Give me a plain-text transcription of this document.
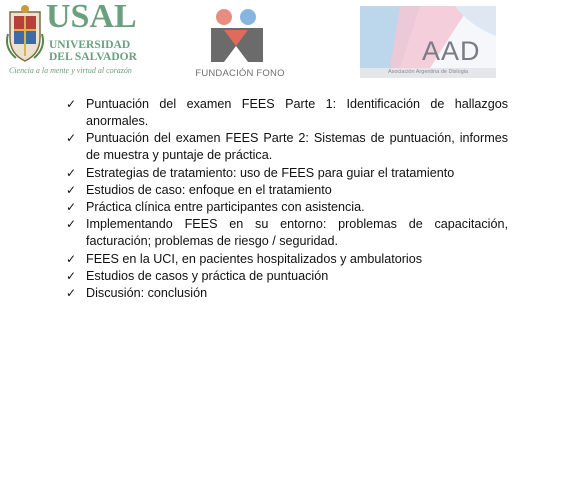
USAL
UNIVERSIDAD
DEL SALVADOR
Ciencia a la mente y virtud al corazón	FUNDACIÓN FONO
AAD
Asociación Argentina de Dislogia
✓ Puntuación del examen FEES Parte 1: Identificación de hallazgos anormales.
✓ Puntuación del examen FEES Parte 2: Sistemas de puntuación, informes de muestra y puntaje de práctica.
✓ Estrategias de tratamiento: uso de FEES para guiar el tratamiento
✓ Estudios de caso: enfoque en el tratamiento
✓ Práctica clínica entre participantes con asistencia.
✓ Implementando FEES en su entorno: problemas de capacitación, facturación; problemas de riesgo / seguridad.
✓ FEES en la UCI, en pacientes hospitalizados y ambulatorios
✓ Estudios de casos y práctica de puntuación
✓ Discusión: conclusión
